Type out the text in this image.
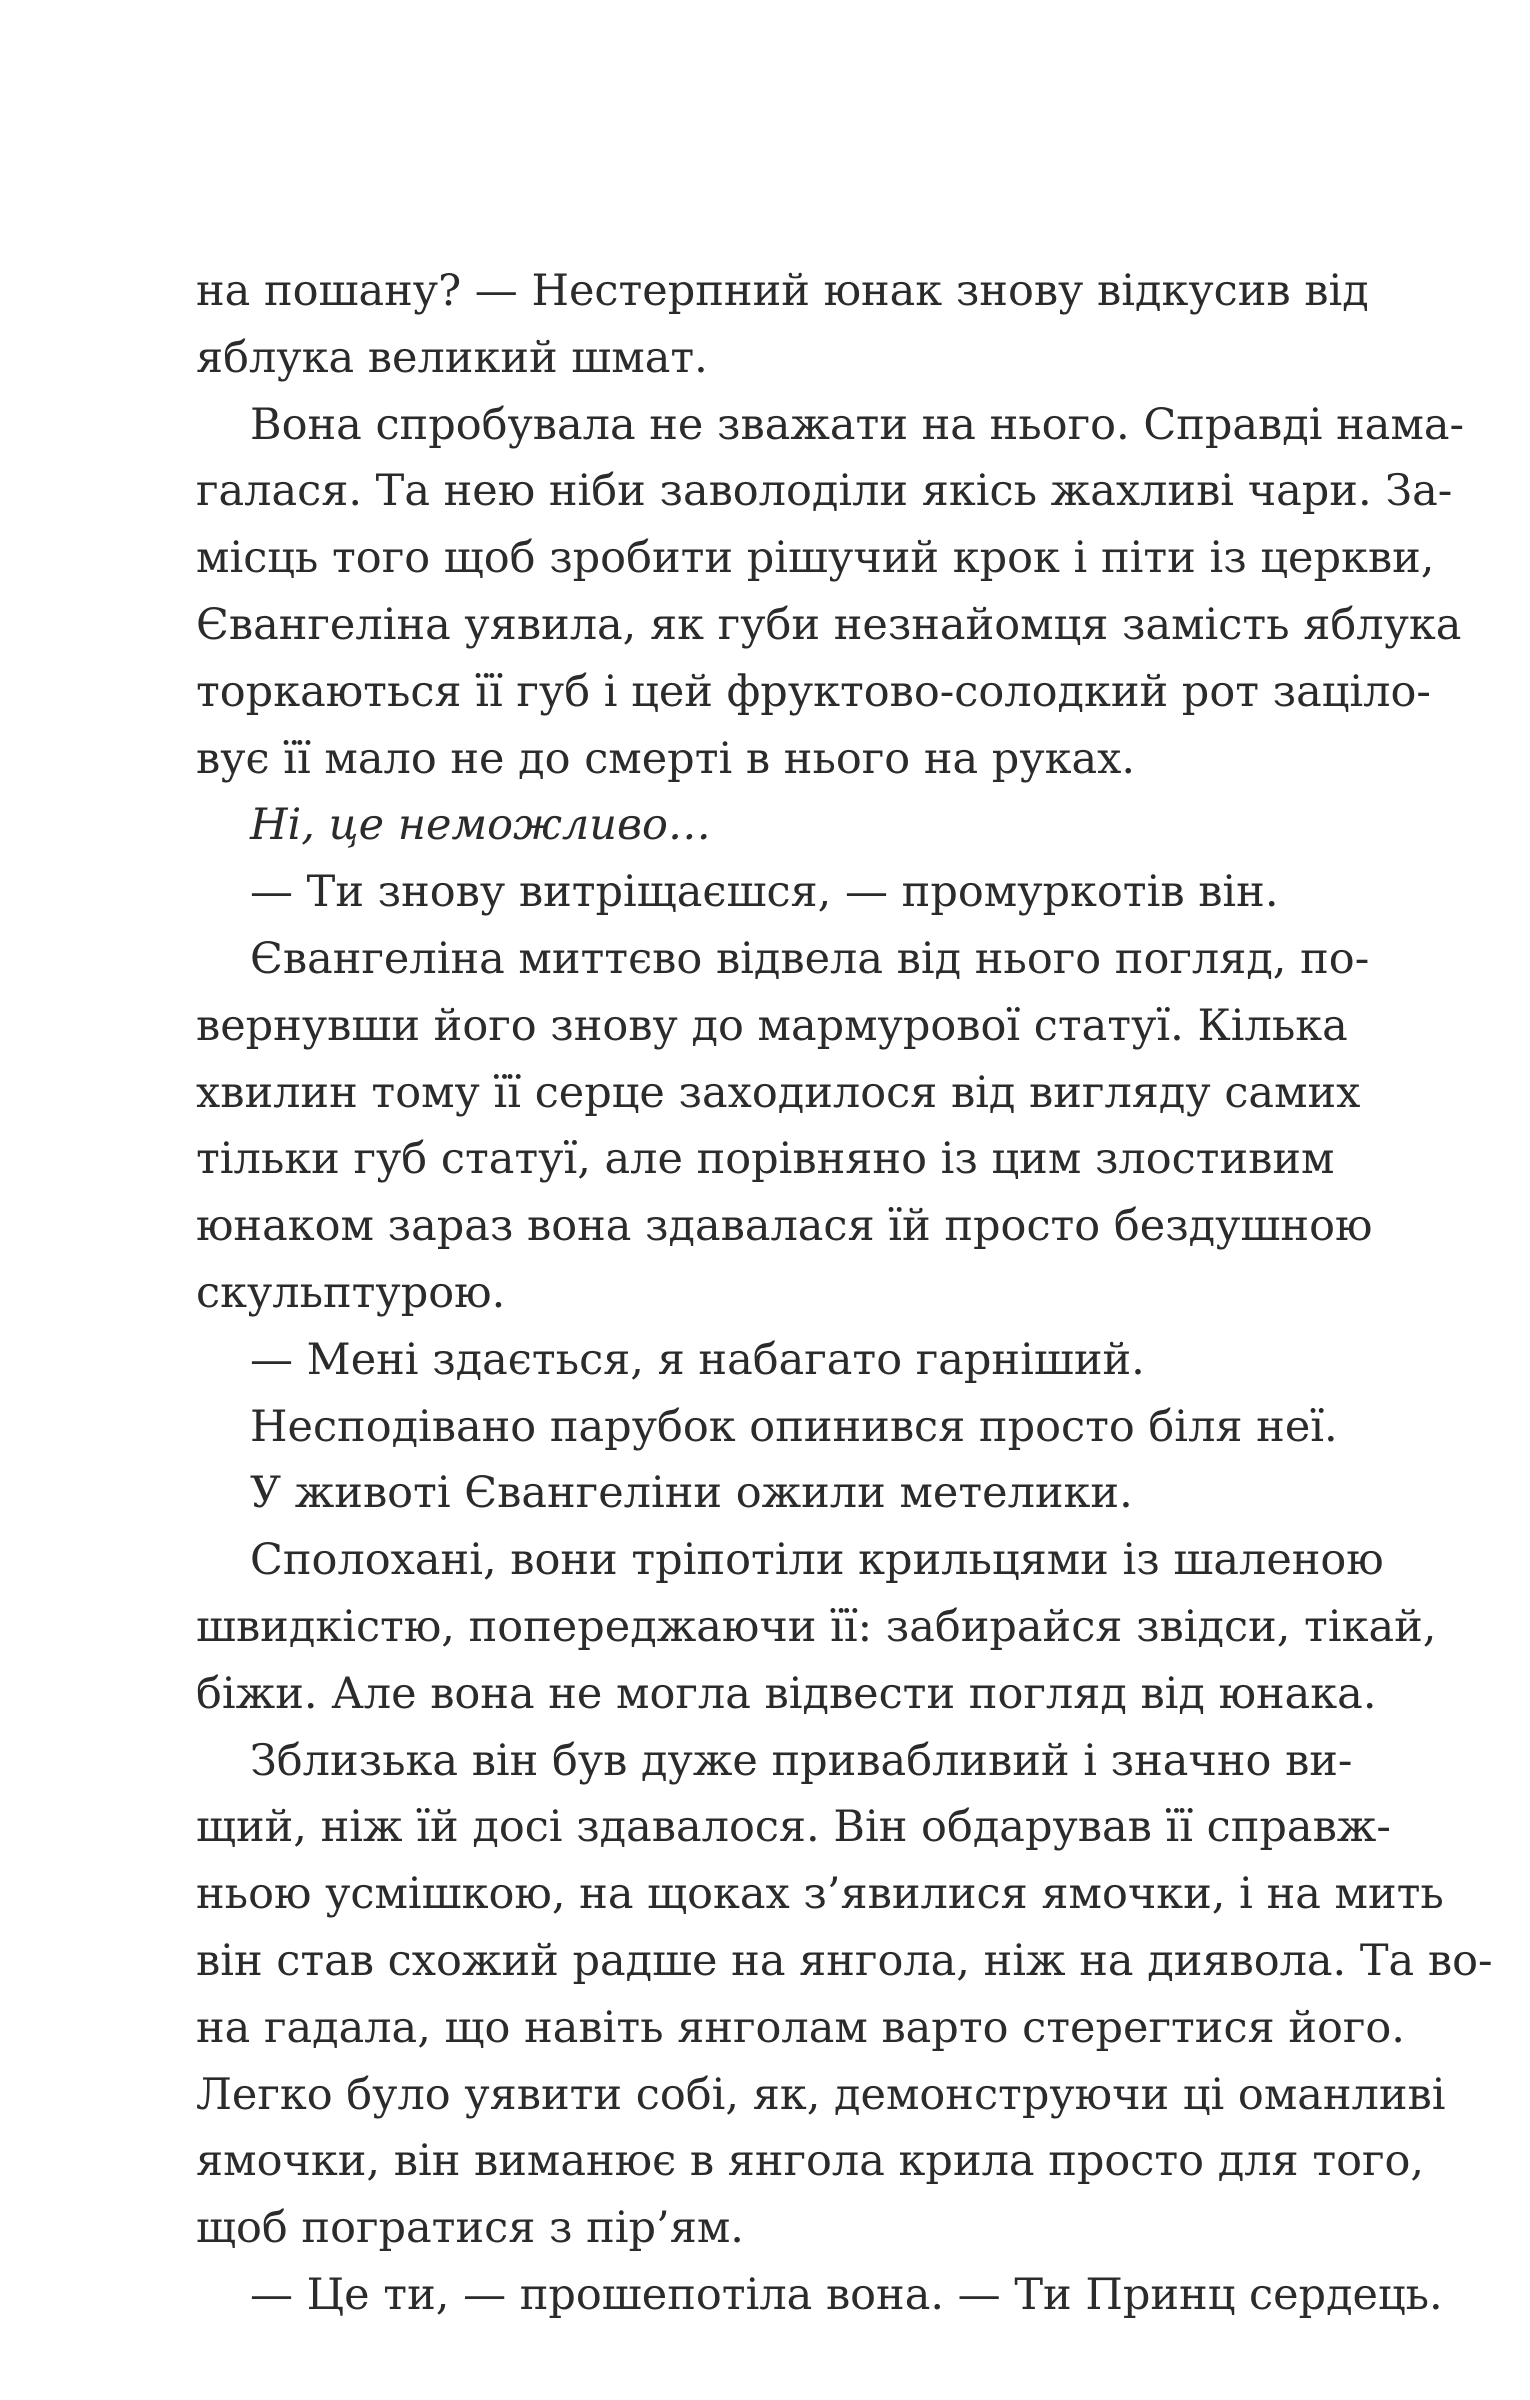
на пошану? — Нестерпний юнак знову відкусив від
яблука великий шмат.
Вона спробувала не зважати на нього. Справді нама-
галася. Та нею ніби заволоділи якісь жахливі чари. За-
місць того щоб зробити рішучий крок і піти із церкви,
Євангеліна уявила, як губи незнайомця замість яблука
торкаються її губ і цей фруктово-солодкий рот заціло-
вує її мало не до смерті в нього на руках.
Ні, це неможливо…
— Ти знову витріщаєшся, — промуркотів він.
Євангеліна миттєво відвела від нього погляд, по-
вернувши його знову до мармурової статуї. Кілька
хвилин тому її серце заходилося від вигляду самих
тільки губ статуї, але порівняно із цим злостивим
юнаком зараз вона здавалася їй просто бездушною
скульптурою.
— Мені здається, я набагато гарніший.
Несподівано парубок опинився просто біля неї.
У животі Євангеліни ожили метелики.
Сполохані, вони тріпотіли крильцями із шаленою
швидкістю, попереджаючи її: забирайся звідси, тікай,
біжи. Але вона не могла відвести погляд від юнака.
Зблизька він був дуже привабливий і значно ви-
щий, ніж їй досі здавалося. Він обдарував її справж-
ньою усмішкою, на щоках з’явилися ямочки, і на мить
він став схожий радше на янгола, ніж на диявола. Та во-
на гадала, що навіть янголам варто стерегтися його.
Легко було уявити собі, як, демонструючи ці оманливі
ямочки, він виманює в янгола крила просто для того,
щоб погратися з пір’ям.
— Це ти, — прошепотіла вона. — Ти Принц сердець.
